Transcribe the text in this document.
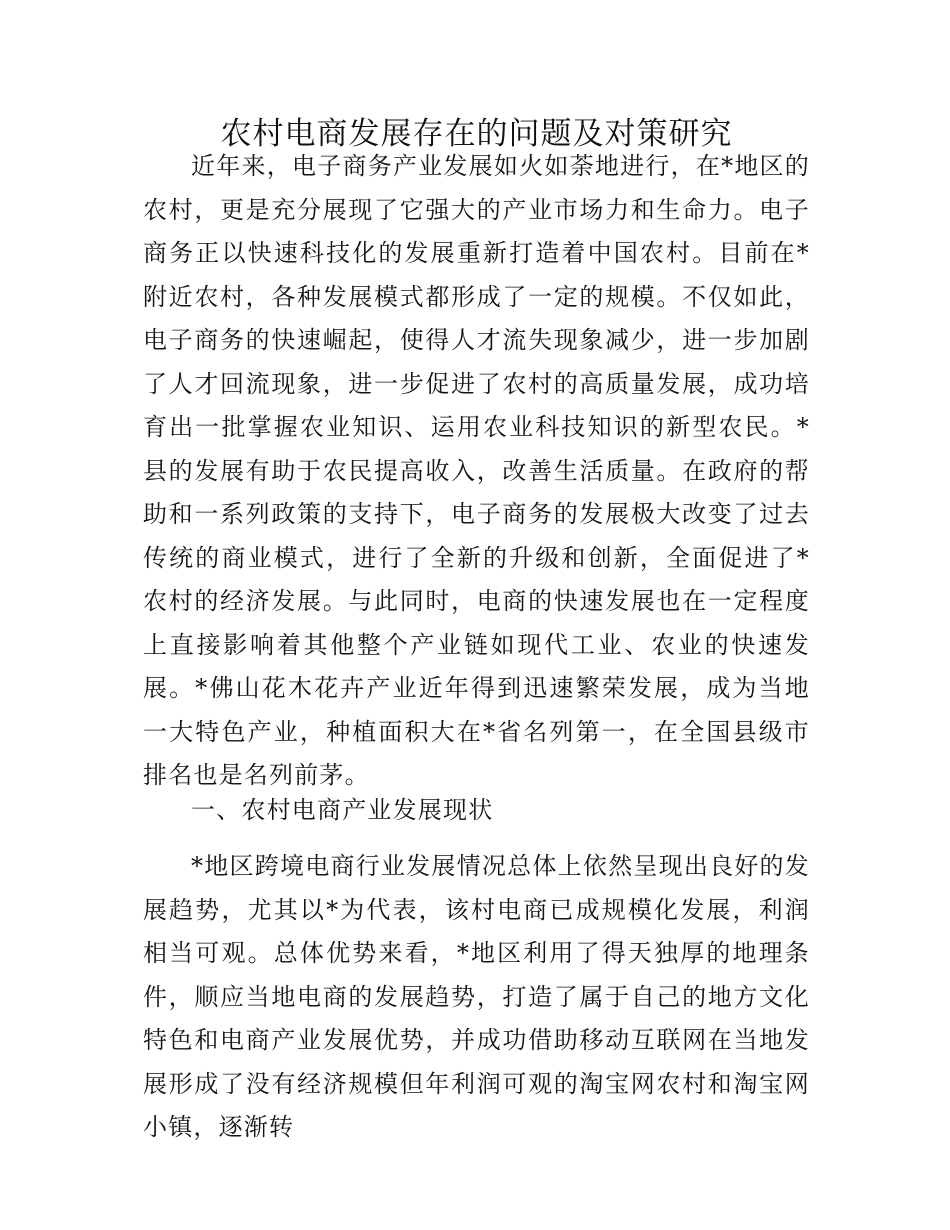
农村电商发展存在的问题及对策研究

近年来，电子商务产业发展如火如荼地进行，在*地区的农村，更是充分展现了它强大的产业市场力和生命力。电子商务正以快速科技化的发展重新打造着中国农村。目前在*附近农村，各种发展模式都形成了一定的规模。不仅如此，电子商务的快速崛起，使得人才流失现象减少，进一步加剧了人才回流现象，进一步促进了农村的高质量发展，成功培育出一批掌握农业知识、运用农业科技知识的新型农民。*县的发展有助于农民提高收入，改善生活质量。在政府的帮助和一系列政策的支持下，电子商务的发展极大改变了过去传统的商业模式，进行了全新的升级和创新，全面促进了*农村的经济发展。与此同时，电商的快速发展也在一定程度上直接影响着其他整个产业链如现代工业、农业的快速发展。*佛山花木花卉产业近年得到迅速繁荣发展，成为当地一大特色产业，种植面积大在*省名列第一，在全国县级市排名也是名列前茅。

一、农村电商产业发展现状

*地区跨境电商行业发展情况总体上依然呈现出良好的发展趋势，尤其以*为代表，该村电商已成规模化发展，利润相当可观。总体优势来看，*地区利用了得天独厚的地理条件，顺应当地电商的发展趋势，打造了属于自己的地方文化特色和电商产业发展优势，并成功借助移动互联网在当地发展形成了没有经济规模但年利润可观的淘宝网农村和淘宝网小镇，逐渐转
